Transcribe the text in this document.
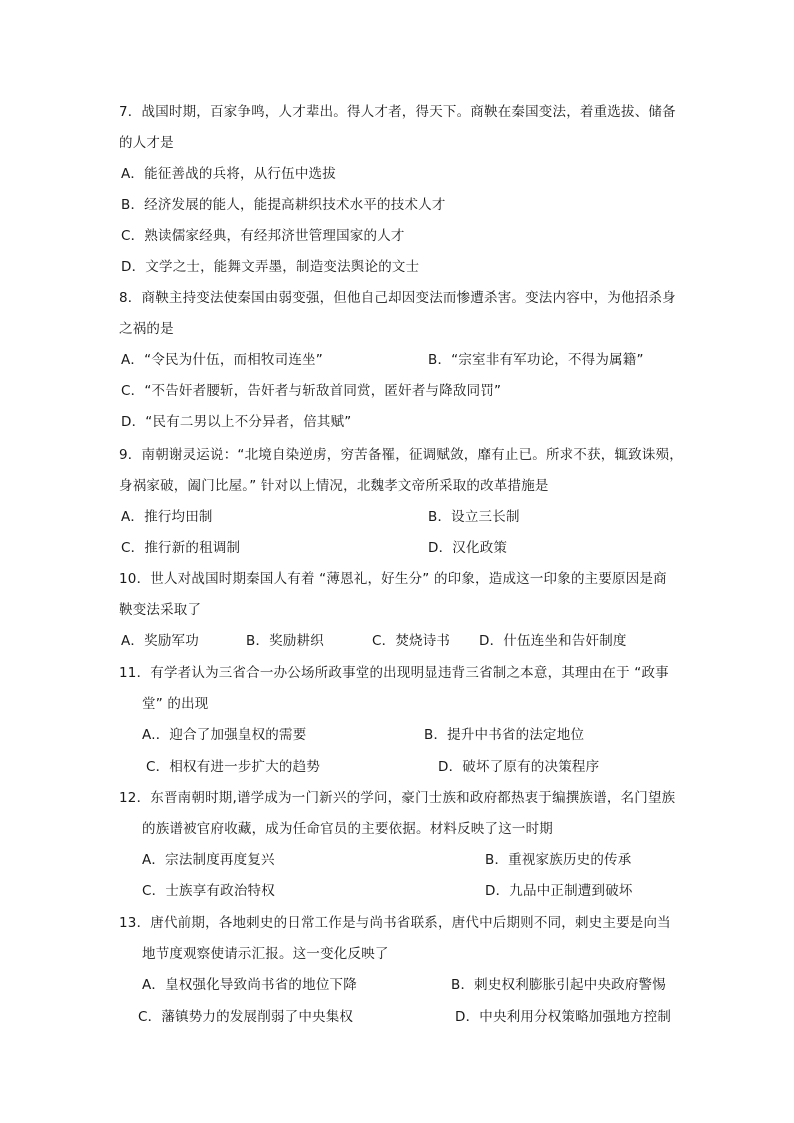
7．战国时期，百家争鸣，人才辈出。得人才者，得天下。商鞅在秦国变法，着重选拔、储备
的人才是
A．能征善战的兵将，从行伍中选拔
B．经济发展的能人，能提高耕织技术水平的技术人才
C．熟读儒家经典，有经邦济世管理国家的人才
D．文学之士，能舞文弄墨，制造变法舆论的文士
8．商鞅主持变法使秦国由弱变强，但他自己却因变法而惨遭杀害。变法内容中，为他招杀身
之祸的是
A．“令民为什伍，而相牧司连坐”	B．“宗室非有军功论，不得为属籍”
C．“不告奸者腰斩，告奸者与斩敌首同赏，匿奸者与降敌同罚”
D．“民有二男以上不分异者，倍其赋”
9．南朝谢灵运说：“北境自染逆虏，穷苦备罹，征调赋敛，靡有止已。所求不获，辄致诛殒，
身祸家破，阖门比屋。” 针对以上情况，北魏孝文帝所采取的改革措施是
A．推行均田制	B．设立三长制
C．推行新的租调制	D．汉化政策
10．世人对战国时期秦国人有着 “薄恩礼，好生分” 的印象，造成这一印象的主要原因是商
鞅变法采取了
A．奖励军功	B．奖励耕织	C．焚烧诗书 D．什伍连坐和告奸制度
11．有学者认为三省合一办公场所政事堂的出现明显违背三省制之本意，其理由在于 “政事
堂” 的出现
A.．迎合了加强皇权的需要	B．提升中书省的法定地位
C．相权有进一步扩大的趋势	D．破坏了原有的决策程序
12．东晋南朝时期,谱学成为一门新兴的学问，豪门士族和政府都热衷于编撰族谱，名门望族
的族谱被官府收藏，成为任命官员的主要依据。材料反映了这一时期
A．宗法制度再度复兴	B．重视家族历史的传承
C．士族享有政治特权	D．九品中正制遭到破坏
13．唐代前期，各地刺史的日常工作是与尚书省联系，唐代中后期则不同，刺史主要是向当
地节度观察使请示汇报。这一变化反映了
A．皇权强化导致尚书省的地位下降	B．刺史权利膨胀引起中央政府警惕
C．藩镇势力的发展削弱了中央集权	D．中央利用分权策略加强地方控制
